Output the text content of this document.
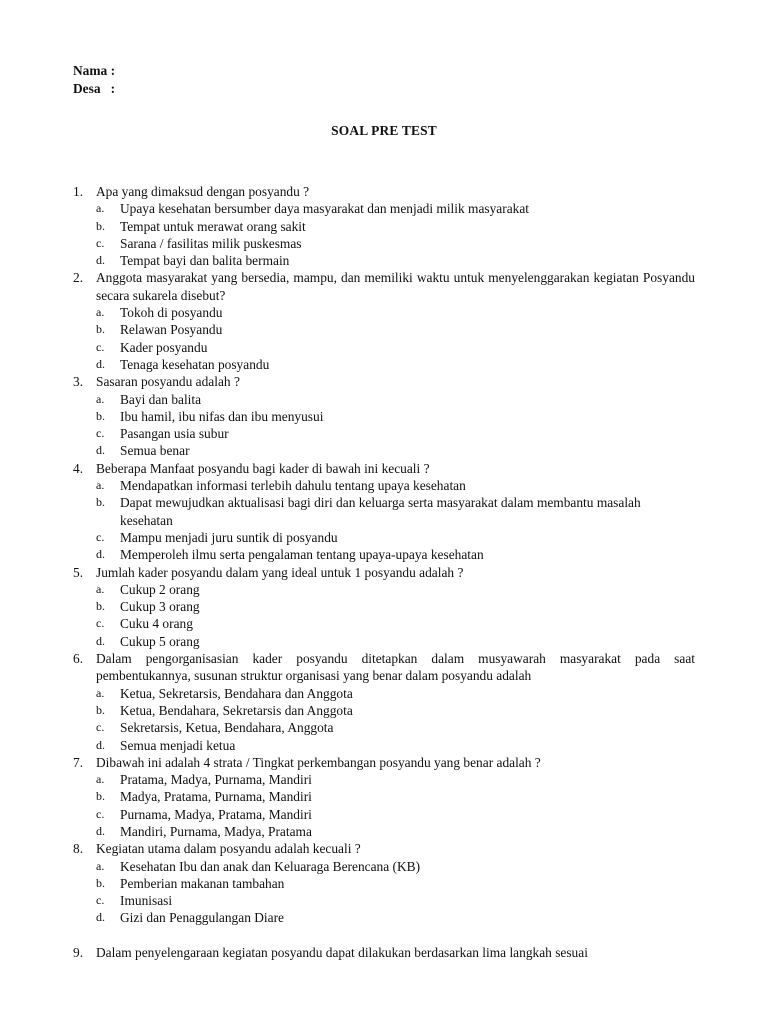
Nama :
Desa   :
SOAL PRE TEST
1. Apa yang dimaksud dengan posyandu ?
a. Upaya kesehatan bersumber daya masyarakat dan menjadi milik masyarakat
b. Tempat untuk merawat orang sakit
c. Sarana / fasilitas milik puskesmas
d. Tempat bayi dan balita bermain
2. Anggota masyarakat yang bersedia, mampu, dan memiliki waktu untuk menyelenggarakan kegiatan Posyandu secara sukarela disebut?
a. Tokoh di posyandu
b. Relawan Posyandu
c. Kader posyandu
d. Tenaga kesehatan posyandu
3. Sasaran posyandu adalah ?
a. Bayi dan balita
b. Ibu hamil, ibu nifas dan ibu menyusui
c. Pasangan usia subur
d. Semua benar
4. Beberapa Manfaat posyandu bagi kader di bawah ini kecuali ?
a. Mendapatkan informasi terlebih dahulu tentang upaya kesehatan
b. Dapat mewujudkan aktualisasi bagi diri dan keluarga serta masyarakat dalam membantu masalah kesehatan
c. Mampu menjadi juru suntik di posyandu
d. Memperoleh ilmu serta pengalaman tentang upaya-upaya kesehatan
5. Jumlah kader posyandu dalam yang ideal untuk 1 posyandu adalah ?
a. Cukup 2 orang
b. Cukup 3 orang
c. Cuku 4 orang
d. Cukup 5 orang
6. Dalam pengorganisasian kader posyandu ditetapkan dalam musyawarah masyarakat pada saat pembentukannya, susunan struktur organisasi yang benar dalam posyandu adalah
a. Ketua, Sekretarsis, Bendahara dan Anggota
b. Ketua, Bendahara, Sekretarsis dan Anggota
c. Sekretarsis, Ketua, Bendahara, Anggota
d. Semua menjadi ketua
7. Dibawah ini adalah 4 strata / Tingkat perkembangan posyandu yang benar adalah ?
a. Pratama, Madya, Purnama, Mandiri
b. Madya, Pratama, Purnama, Mandiri
c. Purnama, Madya, Pratama, Mandiri
d. Mandiri, Purnama, Madya, Pratama
8. Kegiatan utama dalam posyandu adalah kecuali ?
a. Kesehatan Ibu dan anak dan Keluaraga Berencana (KB)
b. Pemberian makanan tambahan
c. Imunisasi
d. Gizi dan Penaggulangan Diare
9. Dalam penyelengaraan kegiatan posyandu dapat dilakukan berdasarkan lima langkah sesuai
